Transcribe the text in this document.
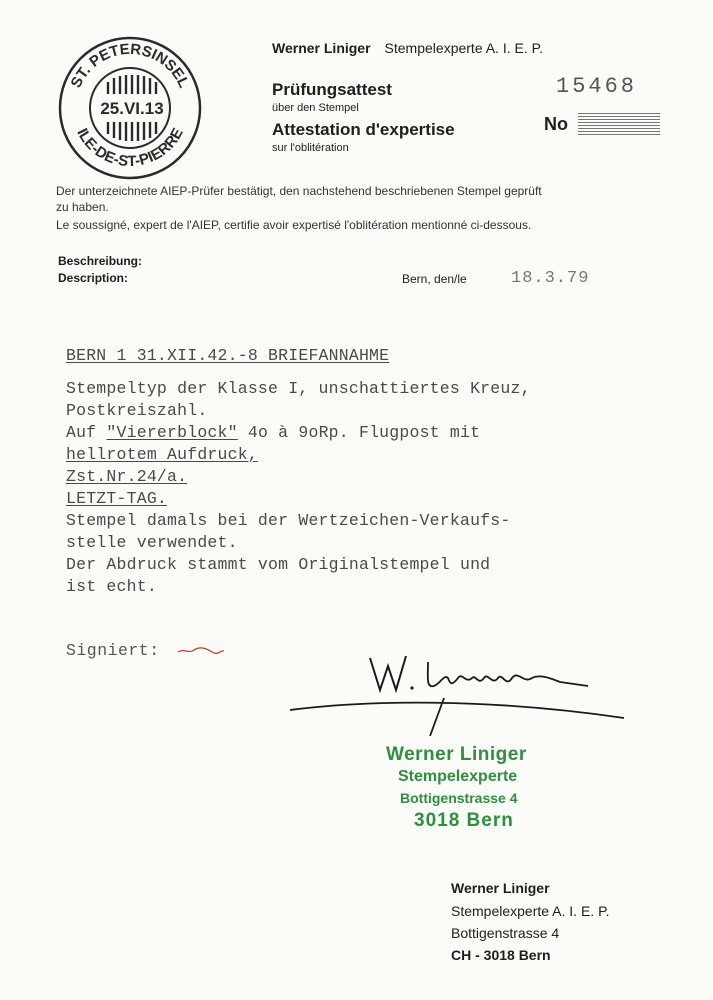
ST. PETERSINSEL
ILE-DE-ST-PIERRE
25.VI.13
Werner Liniger Stempelexperte A. I. E. P.
Prüfungsattest
über den Stempel
Attestation d'expertise
sur l'oblitération
15468
No
Der unterzeichnete AIEP-Prüfer bestätigt, den nachstehend beschriebenen Stempel geprüft
zu haben.
Le soussigné, expert de l'AIEP, certifie avoir expertisé l'oblitération mentionné ci-dessous.
Beschreibung:
Description:	Bern, den/le	18.3.79
BERN 1 31.XII.42.-8 BRIEFANNAHME
Stempeltyp der Klasse I, unschattiertes Kreuz,
Postkreiszahl.
Auf "Viererblock" 4o à 9oRp. Flugpost mit
hellrotem Aufdruck,
Zst.Nr.24/a.
LETZT-TAG.
Stempel damals bei der Wertzeichen-Verkaufs-
stelle verwendet.
Der Abdruck stammt vom Originalstempel und
ist echt.
Signiert:
Werner Liniger
Stempelexperte
Bottigenstrasse 4
3018 Bern
Werner Liniger
Stempelexperte A. I. E. P.
Bottigenstrasse 4
CH - 3018 Bern
